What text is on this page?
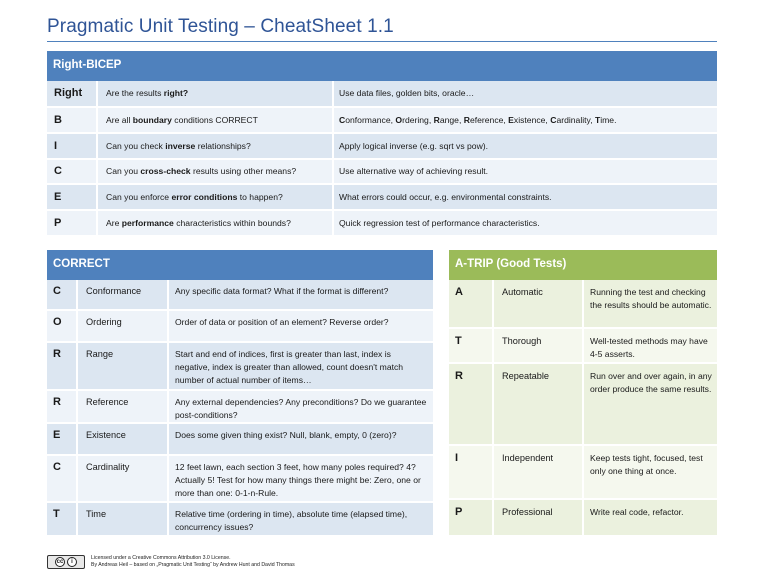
Pragmatic Unit Testing – CheatSheet 1.1
Right-BICEP
Right	Are the results right?	Use data files, golden bits, oracle…
B	Are all boundary conditions CORRECT	Conformance, Ordering, Range, Reference, Existence, Cardinality, Time.
I	Can you check inverse relationships?	Apply logical inverse (e.g. sqrt vs pow).
C	Can you cross-check results using other means?	Use alternative way of achieving result.
E	Can you enforce error conditions to happen?	What errors could occur, e.g. environmental constraints.
P	Are performance characteristics within bounds?	Quick regression test of performance characteristics.
CORRECT
C	Conformance	Any specific data format? What if the format is different?
O	Ordering	Order of data or position of an element? Reverse order?
R	Range	Start and end of indices, first is greater than last, index is negative, index is greater than allowed, count doesn't match number of actual number of items…
R	Reference	Any external dependencies? Any preconditions? Do we guarantee post-conditions?
E	Existence	Does some given thing exist? Null, blank, empty, 0 (zero)?
C	Cardinality	12 feet lawn, each section 3 feet, how many poles required? 4? Actually 5! Test for how many things there might be: Zero, one or more than one: 0-1-n-Rule.
T	Time	Relative time (ordering in time), absolute time (elapsed time), concurrency issues?
A-TRIP (Good Tests)
A	Automatic	Running the test and checking the results should be automatic.
T	Thorough	Well-tested methods may have 4-5 asserts.
R	Repeatable	Run over and over again, in any order produce the same results.
I	Independent	Keep tests tight, focused, test only one thing at once.
P	Professional	Write real code, refactor.
cc	i
Licensed under a Creative Commons Attribution 3.0 License.
By Andreas Heil – based on „Pragmatic Unit Testing“ by Andrew Hunt and David Thomas
